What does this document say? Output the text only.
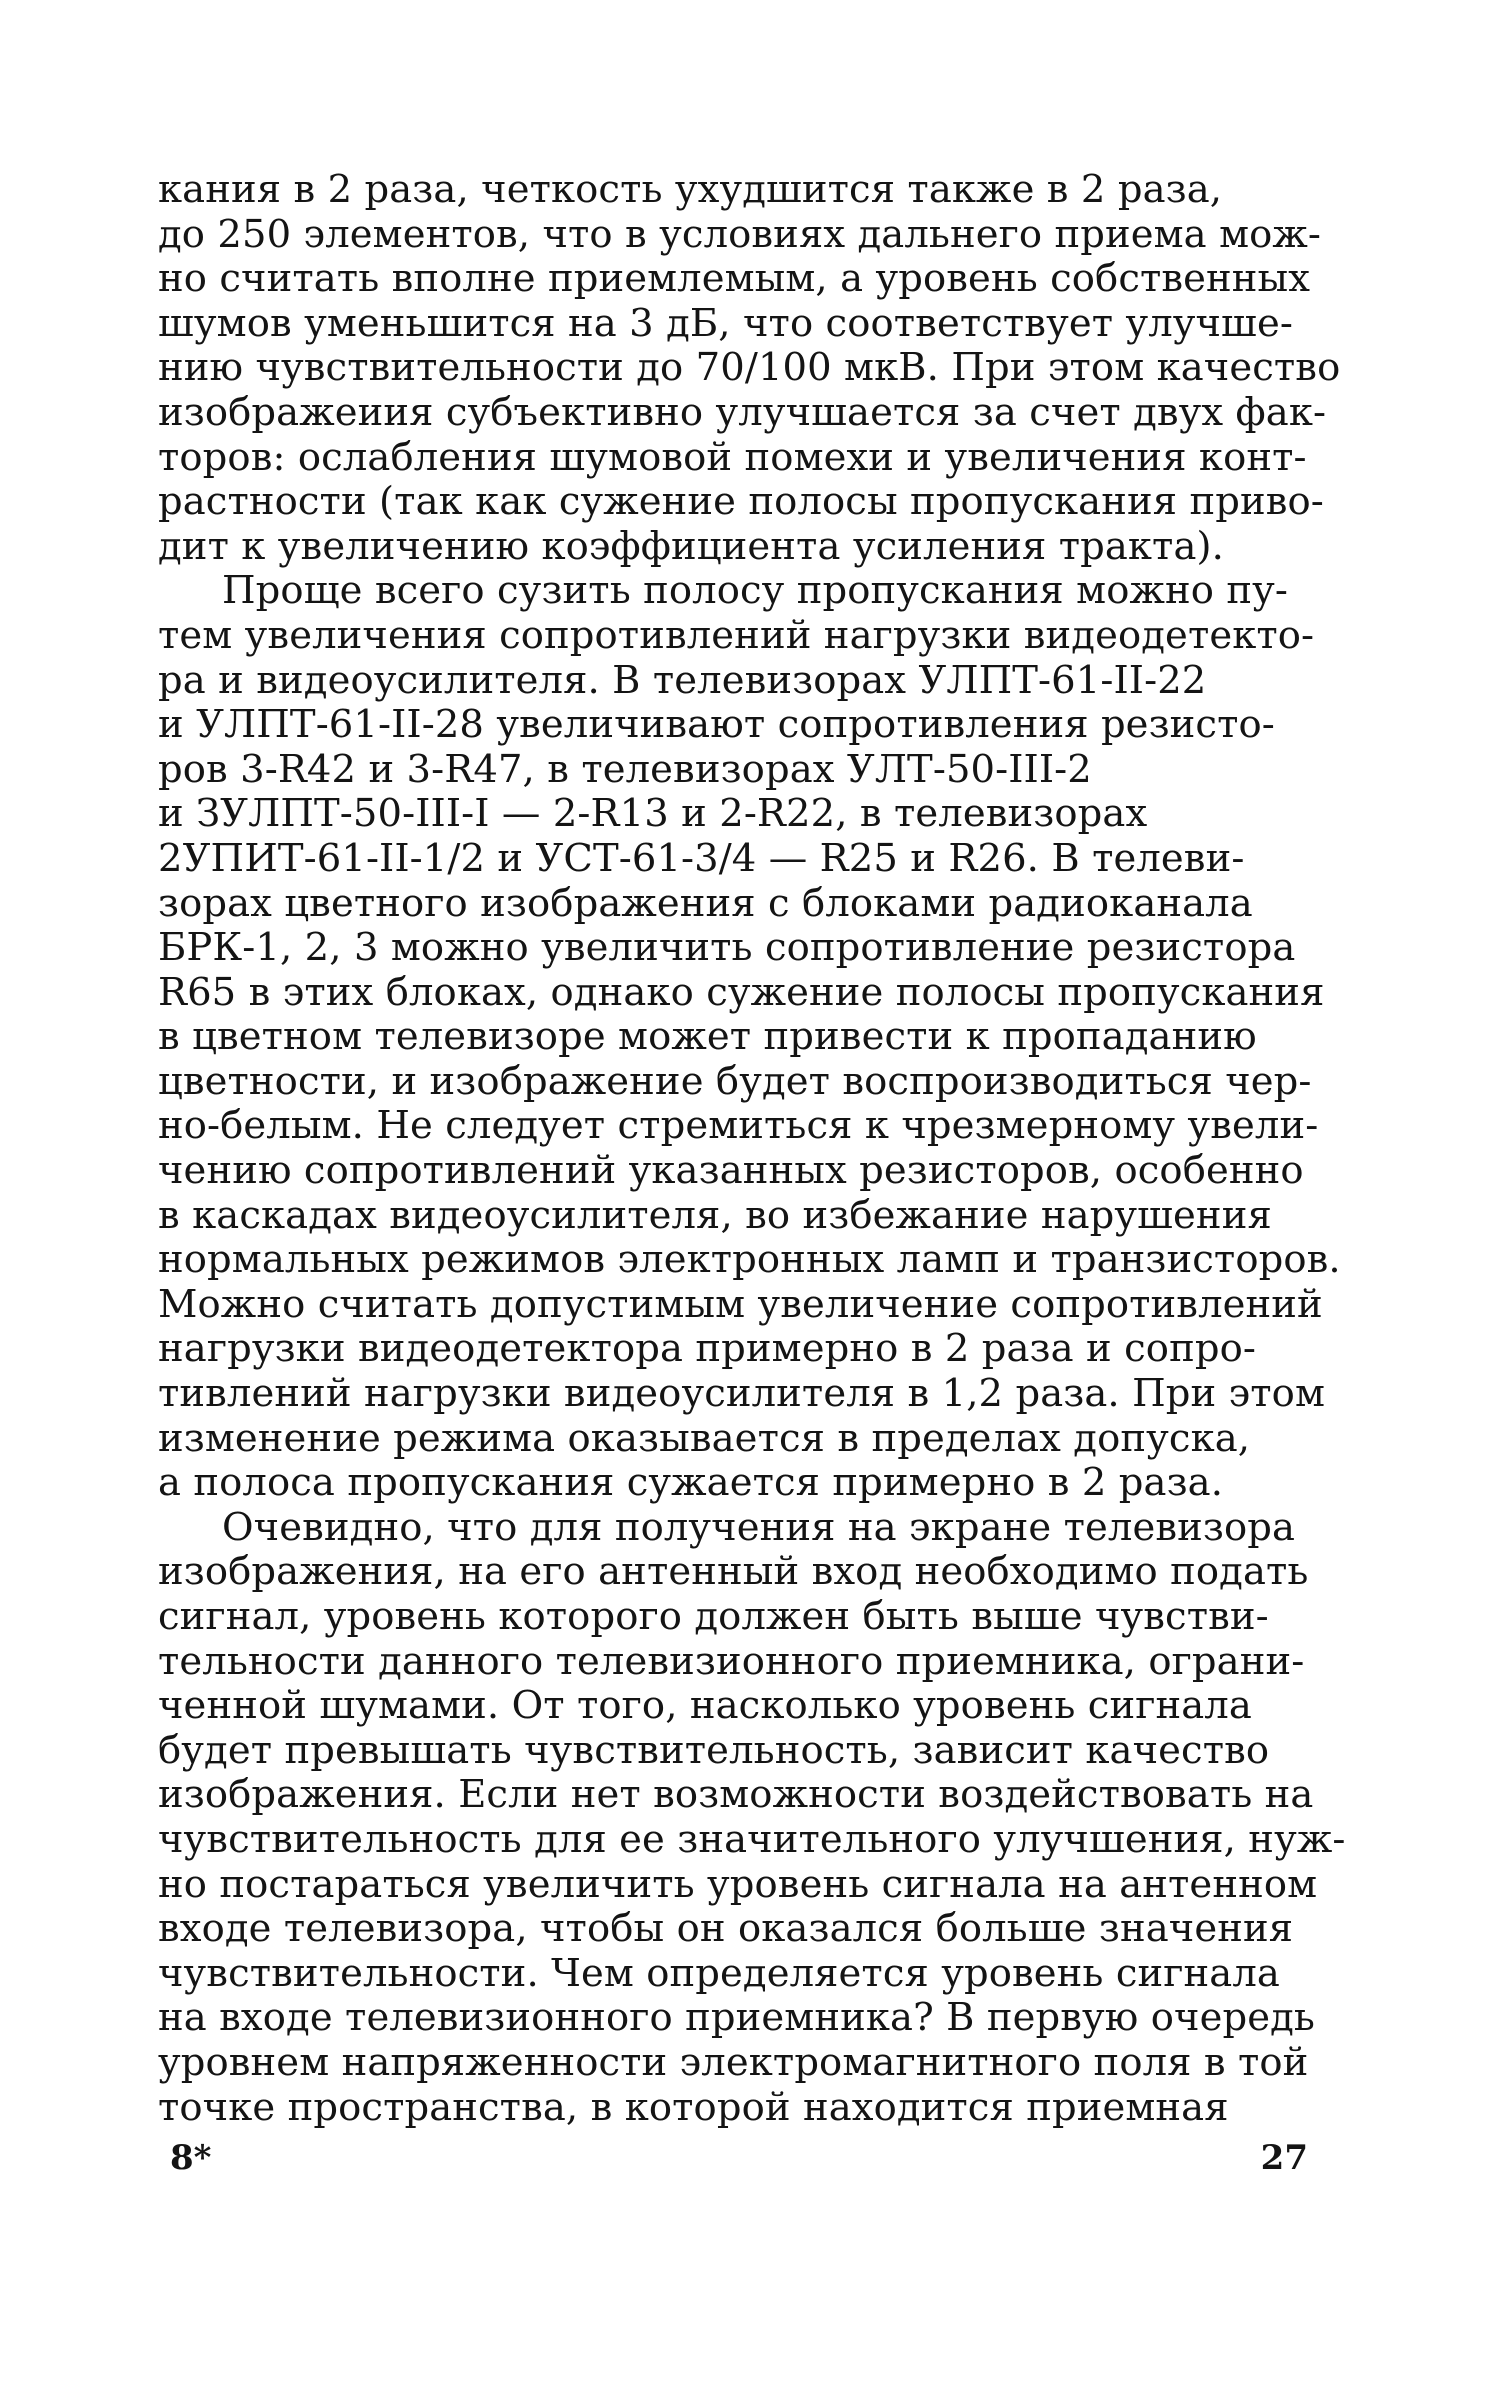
кания в 2 раза, четкость ухудшится также в 2 раза,
до 250 элементов, что в условиях дальнего приема мож-
но считать вполне приемлемым, а уровень собственных
шумов уменьшится на 3 дБ, что соответствует улучше-
нию чувствительности до 70/100 мкВ. При этом качество
изображеиия субъективно улучшается за счет двух фак-
торов: ослабления шумовой помехи и увеличения конт-
растности (так как сужение полосы пропускания приво-
дит к увеличению коэффициента усиления тракта).
Проще всего сузить полосу пропускания можно пу-
тем увеличения сопротивлений нагрузки видеодетекто-
ра и видеоусилителя. В телевизорах УЛПТ-61-II-22
и УЛПТ-61-II-28 увеличивают сопротивления резисто-
ров 3-R42 и 3-R47, в телевизорах УЛТ-50-III-2
и ЗУЛПТ-50-III-I — 2-R13 и 2-R22, в телевизорах
2УПИТ-61-II-1/2 и УСТ-61-3/4 — R25 и R26. В телеви-
зорах цветного изображения с блоками радиоканала
БРК-1, 2, 3 можно увеличить сопротивление резистора
R65 в этих блоках, однако сужение полосы пропускания
в цветном телевизоре может привести к пропаданию
цветности, и изображение будет воспроизводиться чер-
но-белым. Не следует стремиться к чрезмерному увели-
чению сопротивлений указанных резисторов, особенно
в каскадах видеоусилителя, во избежание нарушения
нормальных режимов электронных ламп и транзисторов.
Можно считать допустимым увеличение сопротивлений
нагрузки видеодетектора примерно в 2 раза и сопро-
тивлений нагрузки видеоусилителя в 1,2 раза. При этом
изменение режима оказывается в пределах допуска,
а полоса пропускания сужается примерно в 2 раза.
Очевидно, что для получения на экране телевизора
изображения, на его антенный вход необходимо подать
сигнал, уровень которого должен быть выше чувстви-
тельности данного телевизионного приемника, ограни-
ченной шумами. От того, насколько уровень сигнала
будет превышать чувствительность, зависит качество
изображения. Если нет возможности воздействовать на
чувствительность для ее значительного улучшения, нуж-
но постараться увеличить уровень сигнала на антенном
входе телевизора, чтобы он оказался больше значения
чувствительности. Чем определяется уровень сигнала
на входе телевизионного приемника? В первую очередь
уровнем напряженности электромагнитного поля в той
точке пространства, в которой находится приемная
8*	27
